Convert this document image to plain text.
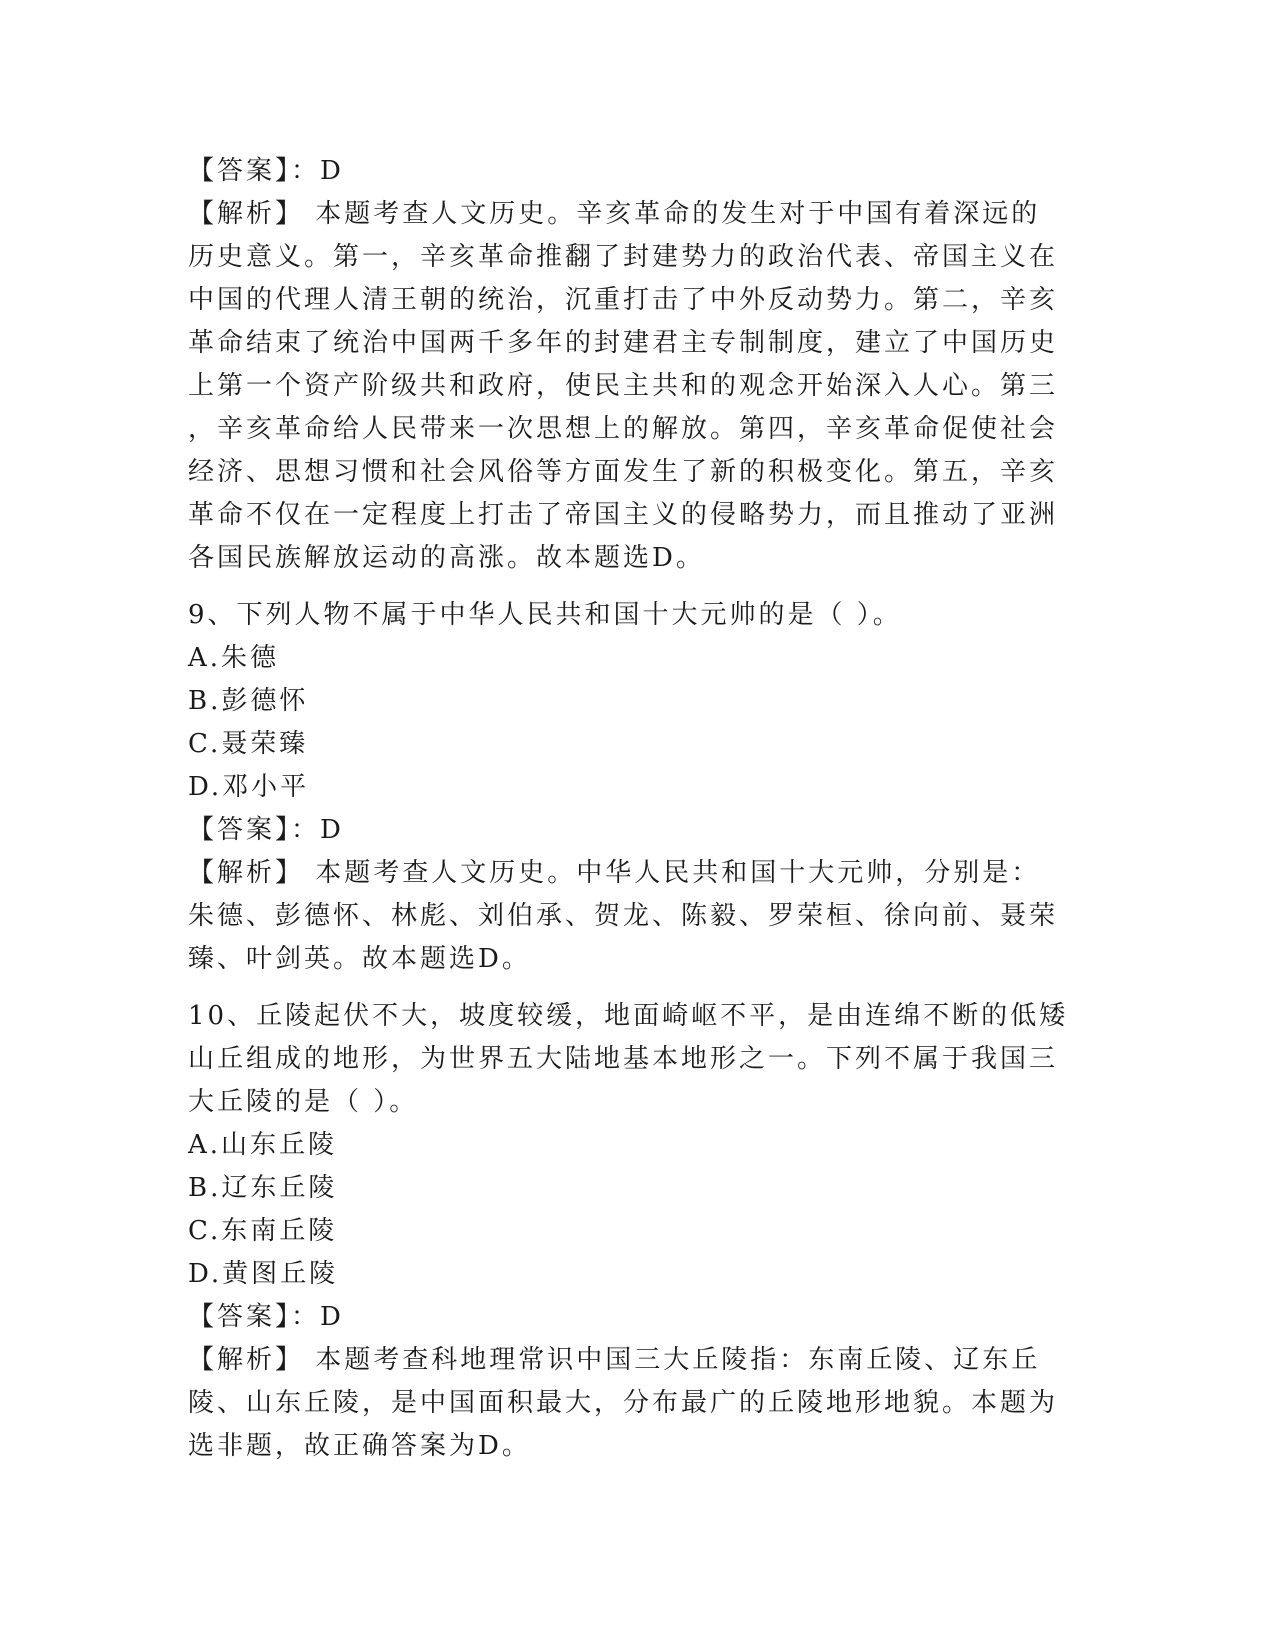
【答案】：D
【解析】 本题考查人文历史。辛亥革命的发生对于中国有着深远的
历史意义。第一，辛亥革命推翻了封建势力的政治代表、帝国主义在
中国的代理人清王朝的统治，沉重打击了中外反动势力。第二，辛亥
革命结束了统治中国两千多年的封建君主专制制度，建立了中国历史
上第一个资产阶级共和政府，使民主共和的观念开始深入人心。第三
，辛亥革命给人民带来一次思想上的解放。第四，辛亥革命促使社会
经济、思想习惯和社会风俗等方面发生了新的积极变化。第五，辛亥
革命不仅在一定程度上打击了帝国主义的侵略势力，而且推动了亚洲
各国民族解放运动的高涨。故本题选D。
9、下列人物不属于中华人民共和国十大元帅的是（ ）。
A.朱德
B.彭德怀
C.聂荣臻
D.邓小平
【答案】：D
【解析】 本题考查人文历史。中华人民共和国十大元帅，分别是：
朱德、彭德怀、林彪、刘伯承、贺龙、陈毅、罗荣桓、徐向前、聂荣
臻、叶剑英。故本题选D。
10、丘陵起伏不大，坡度较缓，地面崎岖不平，是由连绵不断的低矮
山丘组成的地形，为世界五大陆地基本地形之一。下列不属于我国三
大丘陵的是（ ）。
A.山东丘陵
B.辽东丘陵
C.东南丘陵
D.黄图丘陵
【答案】：D
【解析】 本题考查科地理常识中国三大丘陵指：东南丘陵、辽东丘
陵、山东丘陵，是中国面积最大，分布最广的丘陵地形地貌。本题为
选非题，故正确答案为D。
